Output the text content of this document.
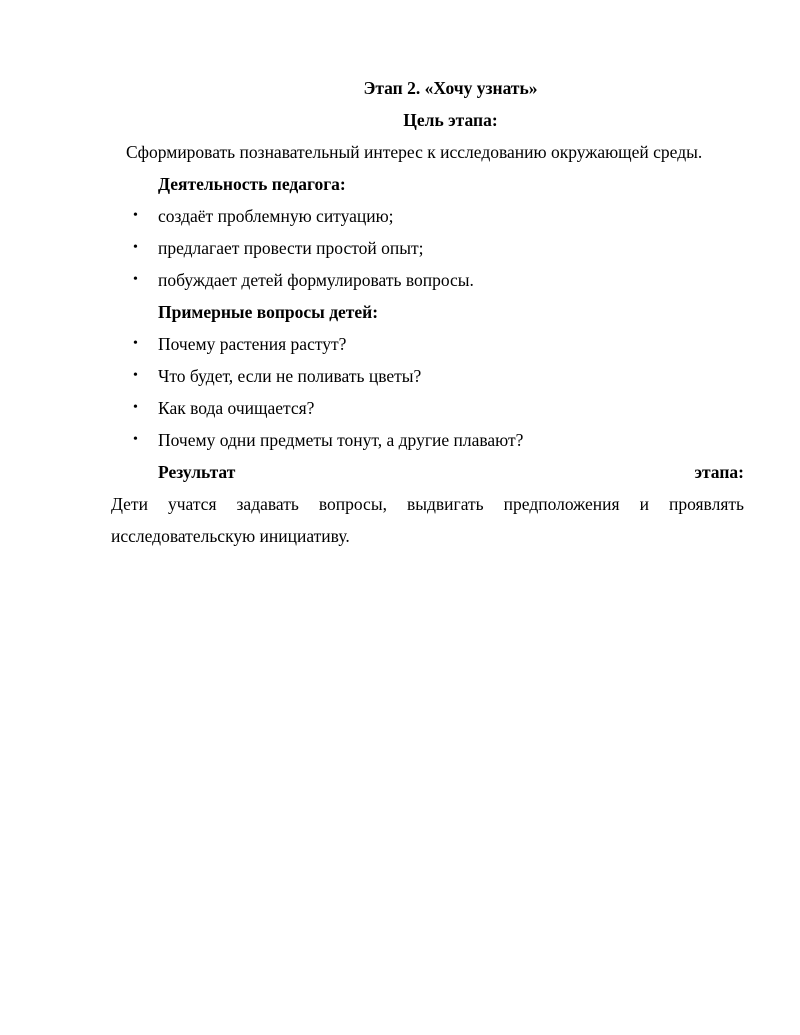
Этап 2. «Хочу узнать»

Цель этапа:

Сформировать познавательный интерес к исследованию окружающей среды.

Деятельность педагога:

• создаёт проблемную ситуацию;
• предлагает провести простой опыт;
• побуждает детей формулировать вопросы.

Примерные вопросы детей:

• Почему растения растут?
• Что будет, если не поливать цветы?
• Как вода очищается?
• Почему одни предметы тонут, а другие плавают?

Результат	этапа:

Дети учатся задавать вопросы, выдвигать предположения и проявлять исследовательскую инициативу.
